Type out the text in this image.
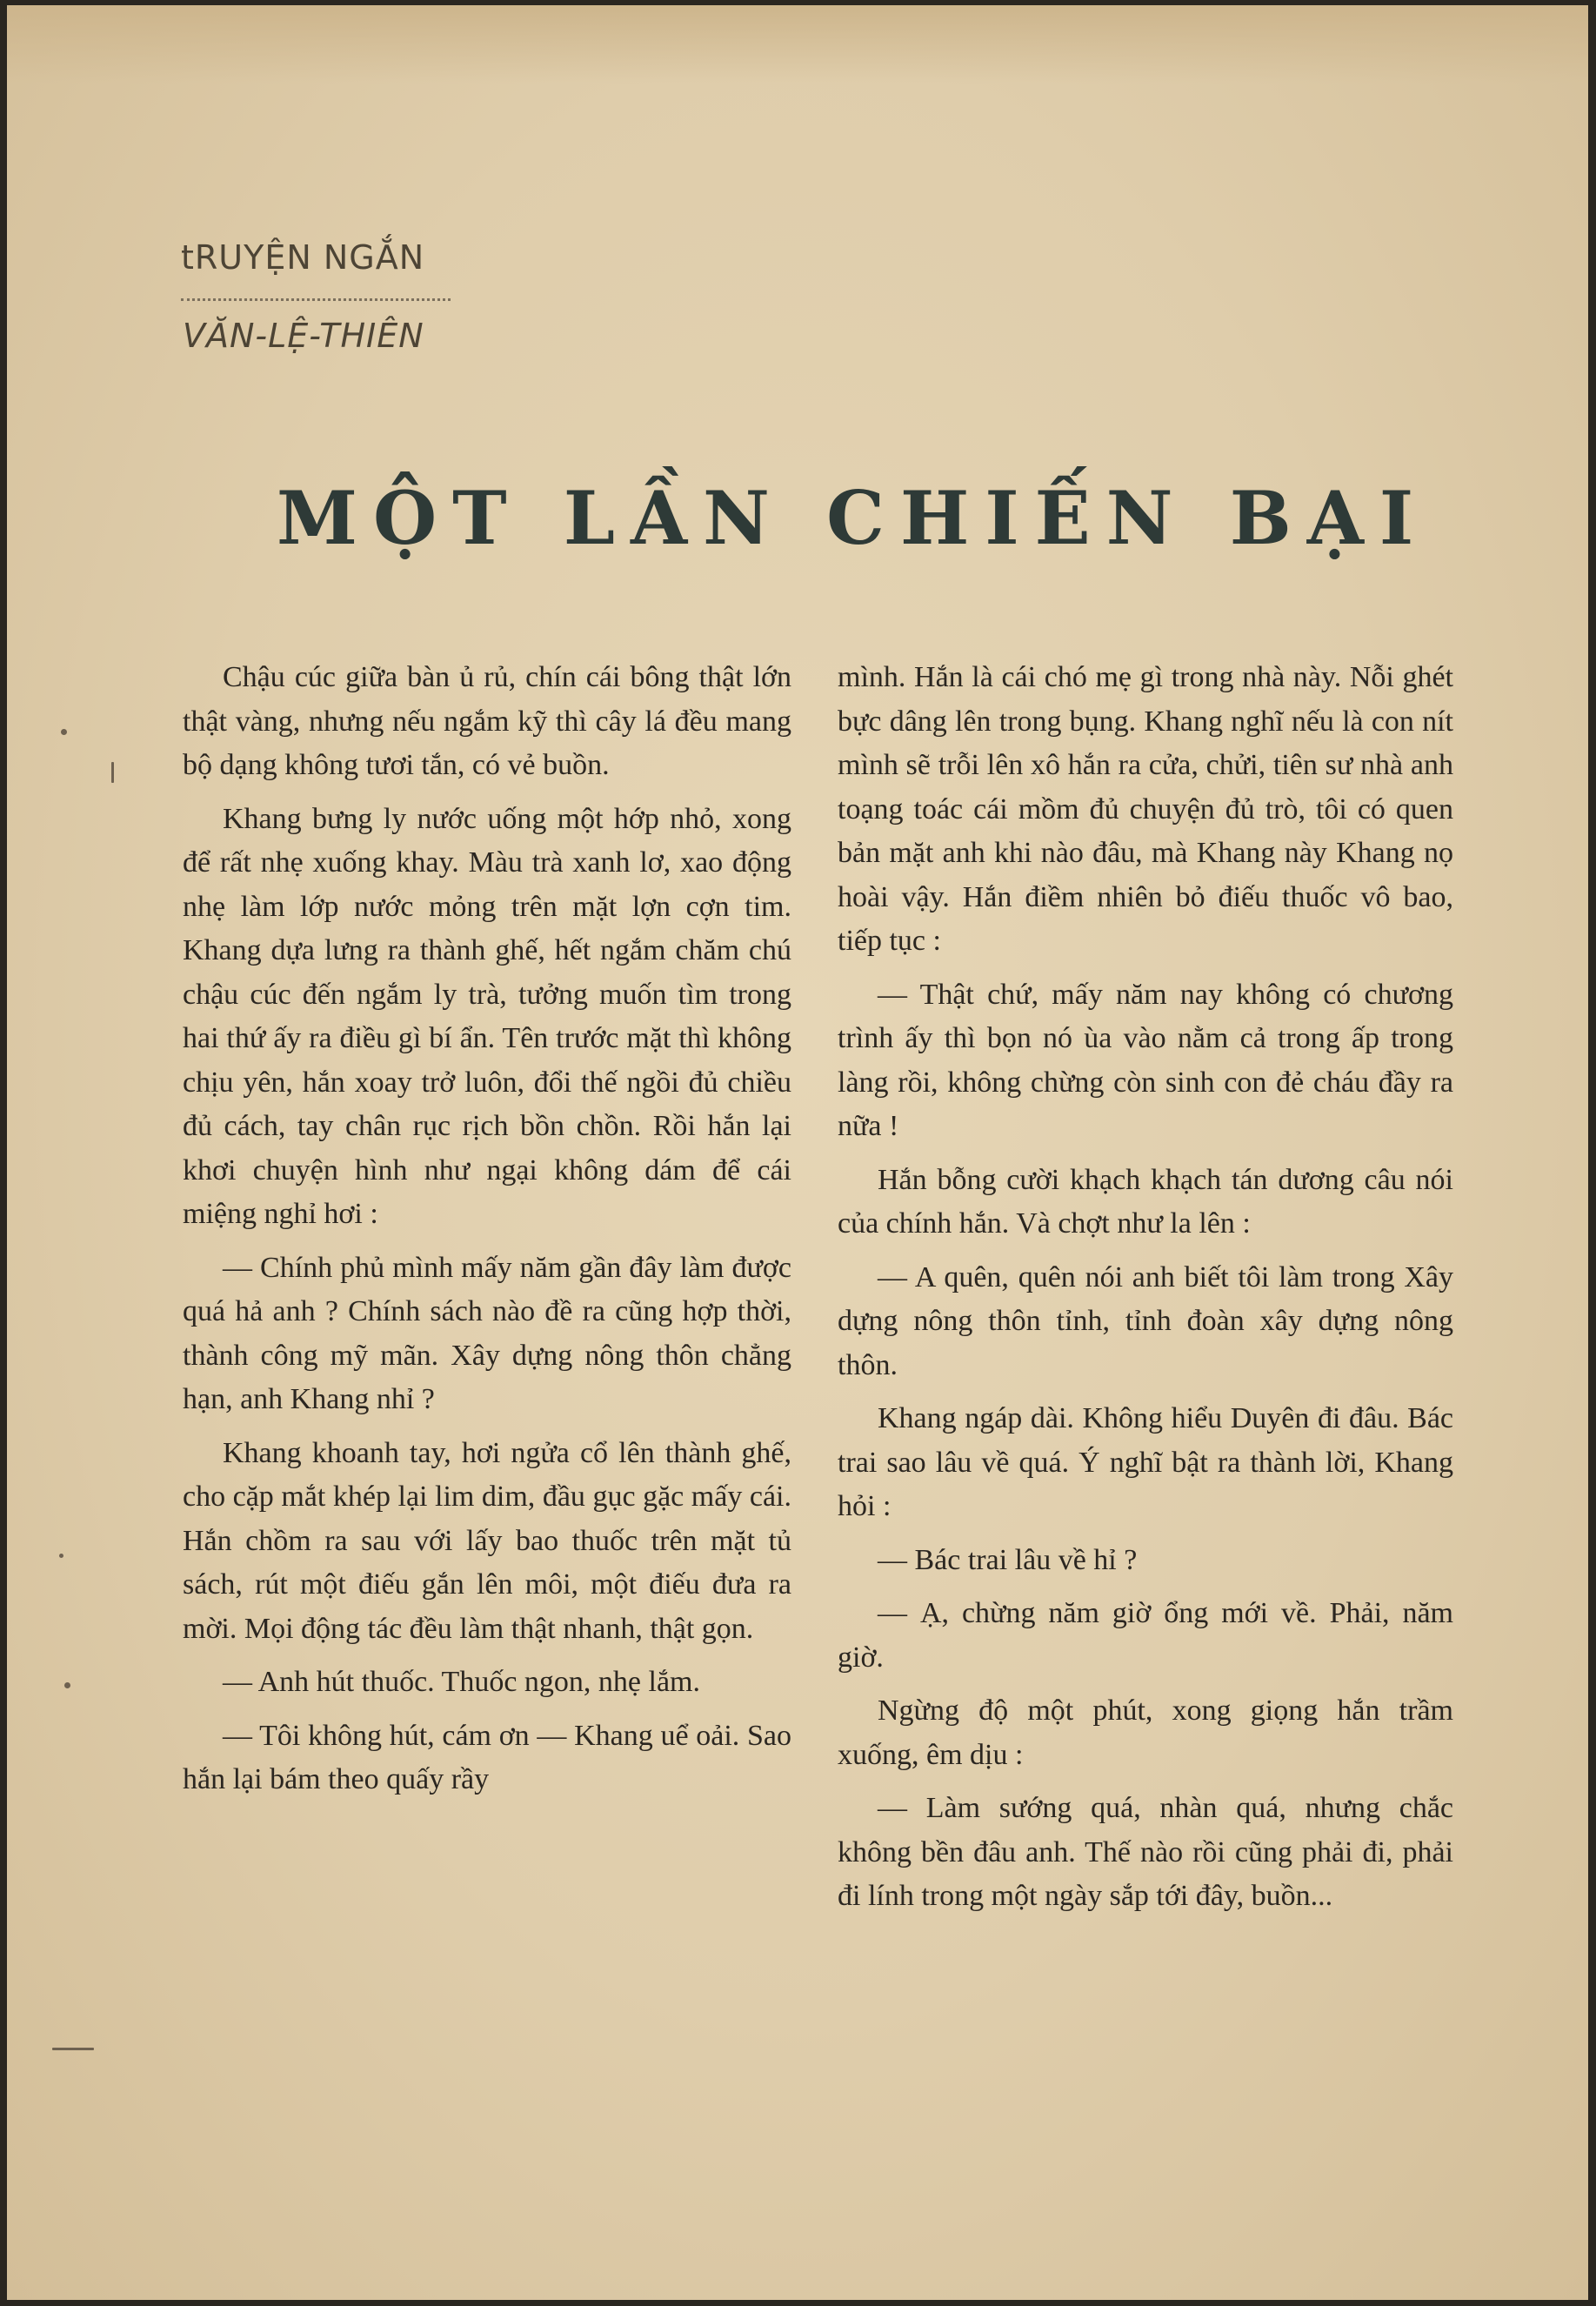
tRUYỆN NGẮN
VĂN-LỆ-THIÊN
MỘT LẦN CHIẾN BẠI

Chậu cúc giữa bàn ủ rủ, chín cái bông thật lớn thật vàng, nhưng nếu ngắm kỹ thì cây lá đều mang bộ dạng không tươi tắn, có vẻ buồn.

Khang bưng ly nước uống một hớp nhỏ, xong để rất nhẹ xuống khay. Màu trà xanh lơ, xao động nhẹ làm lớp nước mỏng trên mặt lợn cợn tim. Khang dựa lưng ra thành ghế, hết ngắm chăm chú chậu cúc đến ngắm ly trà, tưởng muốn tìm trong hai thứ ấy ra điều gì bí ẩn. Tên trước mặt thì không chịu yên, hắn xoay trở luôn, đổi thế ngồi đủ chiều đủ cách, tay chân rục rịch bồn chồn. Rồi hắn lại khơi chuyện hình như ngại không dám để cái miệng nghỉ hơi :

— Chính phủ mình mấy năm gần đây làm được quá hả anh ? Chính sách nào đề ra cũng hợp thời, thành công mỹ mãn. Xây dựng nông thôn chẳng hạn, anh Khang nhỉ ?

Khang khoanh tay, hơi ngửa cổ lên thành ghế, cho cặp mắt khép lại lim dim, đầu gục gặc mấy cái. Hắn chồm ra sau với lấy bao thuốc trên mặt tủ sách, rút một điếu gắn lên môi, một điếu đưa ra mời. Mọi động tác đều làm thật nhanh, thật gọn.

— Anh hút thuốc. Thuốc ngon, nhẹ lắm.

— Tôi không hút, cám ơn — Khang uể oải. Sao hắn lại bám theo quấy rầy

mình. Hắn là cái chó mẹ gì trong nhà này. Nỗi ghét bực dâng lên trong bụng. Khang nghĩ nếu là con nít mình sẽ trỗi lên xô hắn ra cửa, chửi, tiên sư nhà anh toạng toác cái mồm đủ chuyện đủ trò, tôi có quen bản mặt anh khi nào đâu, mà Khang này Khang nọ hoài vậy. Hắn điềm nhiên bỏ điếu thuốc vô bao, tiếp tục :

— Thật chứ, mấy năm nay không có chương trình ấy thì bọn nó ùa vào nằm cả trong ấp trong làng rồi, không chừng còn sinh con đẻ cháu đầy ra nữa !

Hắn bỗng cười khạch khạch tán dương câu nói của chính hắn. Và chợt như la lên :

— A quên, quên nói anh biết tôi làm trong Xây dựng nông thôn tỉnh, tỉnh đoàn xây dựng nông thôn.

Khang ngáp dài. Không hiểu Duyên đi đâu. Bác trai sao lâu về quá. Ý nghĩ bật ra thành lời, Khang hỏi :

— Bác trai lâu về hỉ ?

— Ạ, chừng năm giờ ổng mới về. Phải, năm giờ.

Ngừng độ một phút, xong giọng hắn trầm xuống, êm dịu :

— Làm sướng quá, nhàn quá, nhưng chắc không bền đâu anh. Thế nào rồi cũng phải đi, phải đi lính trong một ngày sắp tới đây, buồn...
